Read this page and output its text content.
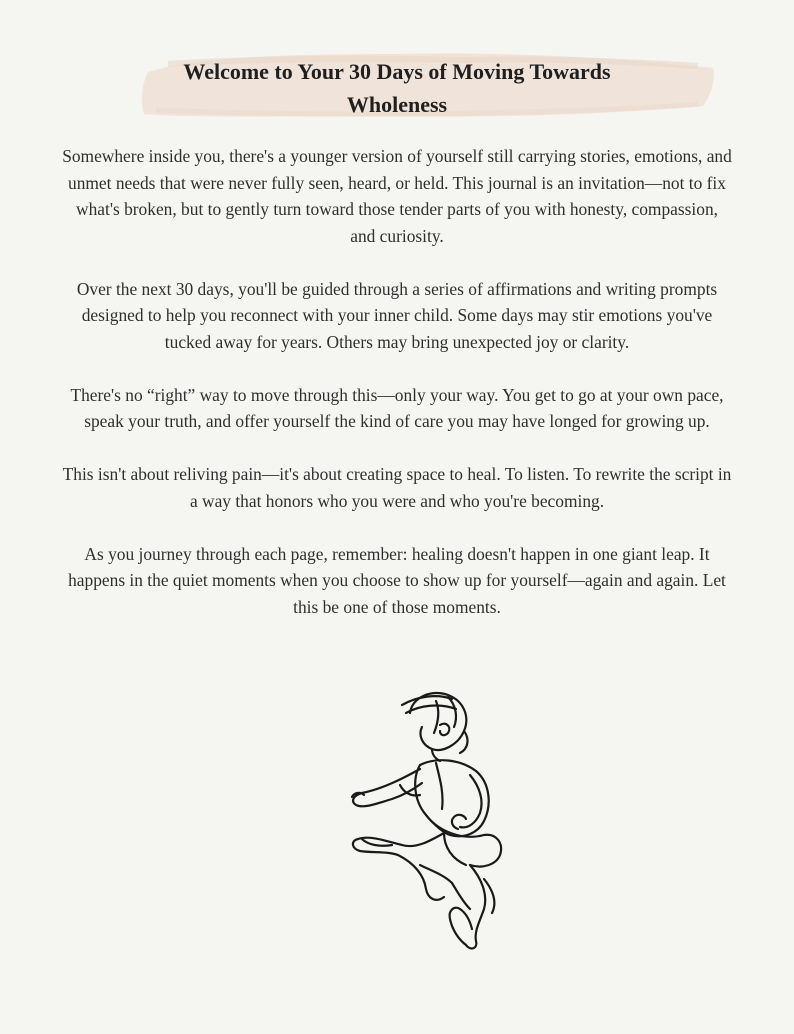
Welcome to Your 30 Days of Moving Towards
Wholeness

Somewhere inside you, there's a younger version of yourself still carrying stories, emotions, and unmet needs that were never fully seen, heard, or held. This journal is an invitation—not to fix what's broken, but to gently turn toward those tender parts of you with honesty, compassion, and curiosity.

Over the next 30 days, you'll be guided through a series of affirmations and writing prompts designed to help you reconnect with your inner child. Some days may stir emotions you've tucked away for years. Others may bring unexpected joy or clarity.

There's no “right” way to move through this—only your way. You get to go at your own pace, speak your truth, and offer yourself the kind of care you may have longed for growing up.

This isn't about reliving pain—it's about creating space to heal. To listen. To rewrite the script in a way that honors who you were and who you're becoming.

As you journey through each page, remember: healing doesn't happen in one giant leap. It happens in the quiet moments when you choose to show up for yourself—again and again. Let this be one of those moments.
